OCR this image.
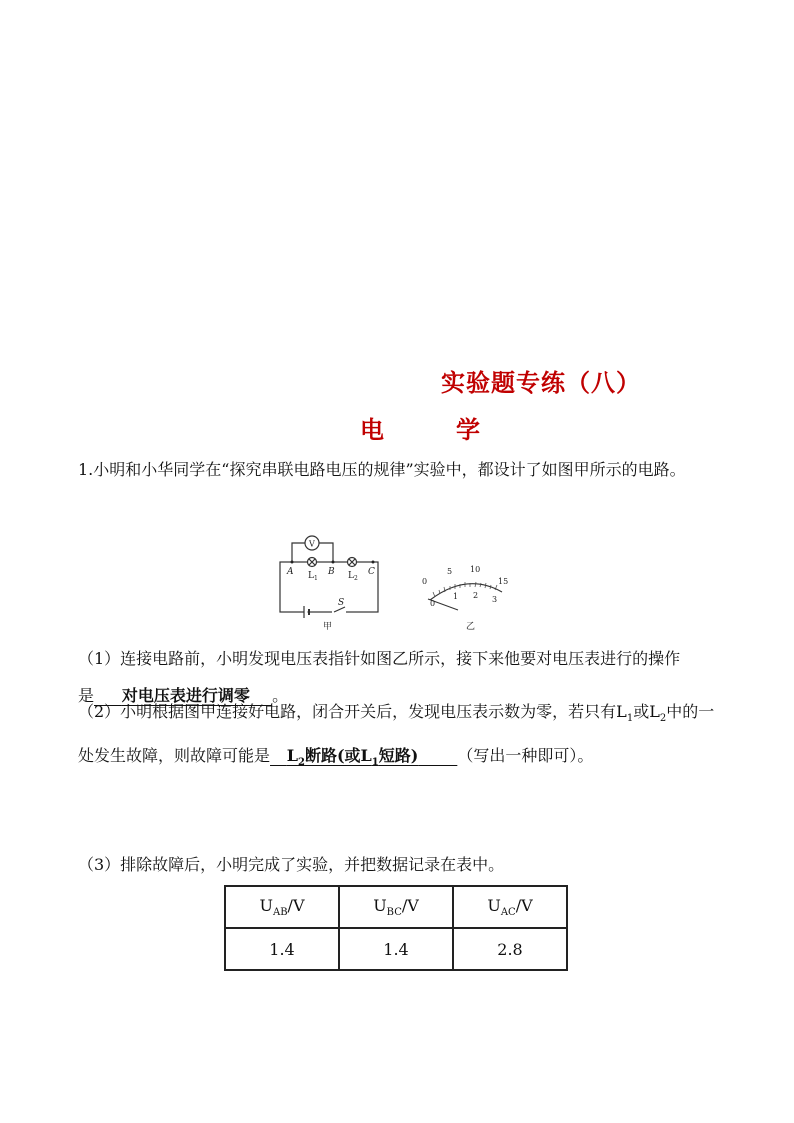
实验题专练（八）
电	学

1.小明和小华同学在“探究串联电路电压的规律”实验中，都设计了如图甲所示的电路。

V
A	B	C
$L_1$	$L_2$
S
甲
0
5 10
15
0
1 2 3
乙

（1）连接电路前，小明发现电压表指针如图乙所示，接下来他要对电压表进行的操作是 对电压表进行调零 。

（2）小明根据图甲连接好电路，闭合开关后，发现电压表示数为零，若只有$L_1$或$L_2$中的一处发生故障，则故障可能是 $L_2$断路(或$L_1$短路) （写出一种即可）。

（3）排除故障后，小明完成了实验，并把数据记录在表中。

$U_{AB}/V$	$U_{BC}/V$	$U_{AC}/V$
1.4	1.4	2.8
